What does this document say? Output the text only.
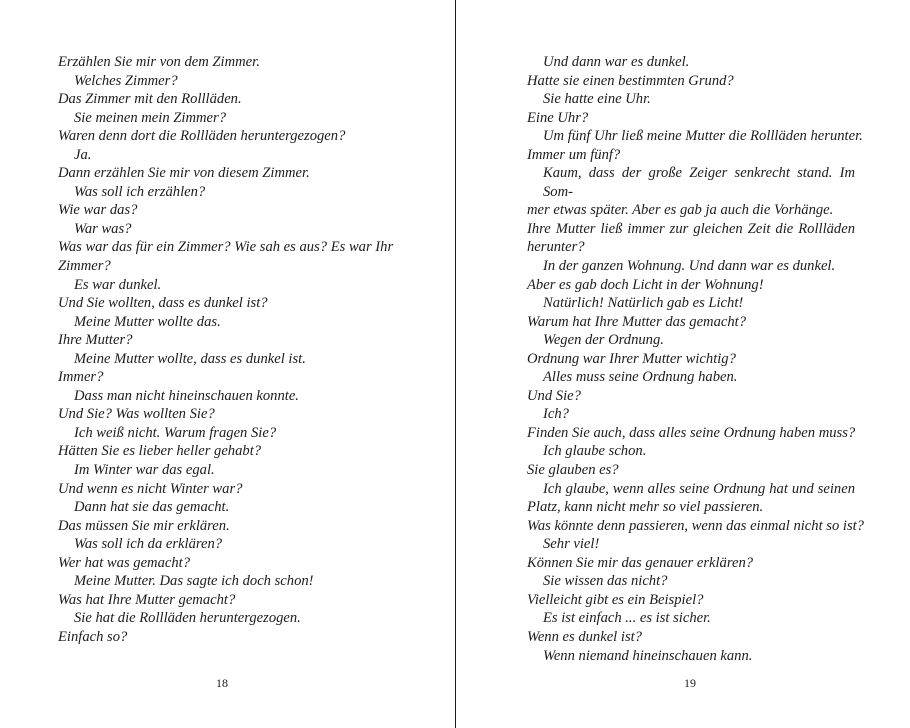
Erzählen Sie mir von dem Zimmer.
Welches Zimmer?
Das Zimmer mit den Rollläden.
Sie meinen mein Zimmer?
Waren denn dort die Rollläden heruntergezogen?
Ja.
Dann erzählen Sie mir von diesem Zimmer.
Was soll ich erzählen?
Wie war das?
War was?
Was war das für ein Zimmer? Wie sah es aus? Es war Ihr
Zimmer?
Es war dunkel.
Und Sie wollten, dass es dunkel ist?
Meine Mutter wollte das.
Ihre Mutter?
Meine Mutter wollte, dass es dunkel ist.
Immer?
Dass man nicht hineinschauen konnte.
Und Sie? Was wollten Sie?
Ich weiß nicht. Warum fragen Sie?
Hätten Sie es lieber heller gehabt?
Im Winter war das egal.
Und wenn es nicht Winter war?
Dann hat sie das gemacht.
Das müssen Sie mir erklären.
Was soll ich da erklären?
Wer hat was gemacht?
Meine Mutter. Das sagte ich doch schon!
Was hat Ihre Mutter gemacht?
Sie hat die Rollläden heruntergezogen.
Einfach so?
Und dann war es dunkel.
Hatte sie einen bestimmten Grund?
Sie hatte eine Uhr.
Eine Uhr?
Um fünf Uhr ließ meine Mutter die Rollläden herunter.
Immer um fünf?
Kaum, dass der große Zeiger senkrecht stand. Im Som-
mer etwas später. Aber es gab ja auch die Vorhänge.
Ihre Mutter ließ immer zur gleichen Zeit die Rollläden
herunter?
In der ganzen Wohnung. Und dann war es dunkel.
Aber es gab doch Licht in der Wohnung!
Natürlich! Natürlich gab es Licht!
Warum hat Ihre Mutter das gemacht?
Wegen der Ordnung.
Ordnung war Ihrer Mutter wichtig?
Alles muss seine Ordnung haben.
Und Sie?
Ich?
Finden Sie auch, dass alles seine Ordnung haben muss?
Ich glaube schon.
Sie glauben es?
Ich glaube, wenn alles seine Ordnung hat und seinen
Platz, kann nicht mehr so viel passieren.
Was könnte denn passieren, wenn das einmal nicht so ist?
Sehr viel!
Können Sie mir das genauer erklären?
Sie wissen das nicht?
Vielleicht gibt es ein Beispiel?
Es ist einfach ... es ist sicher.
Wenn es dunkel ist?
Wenn niemand hineinschauen kann.
18	19
